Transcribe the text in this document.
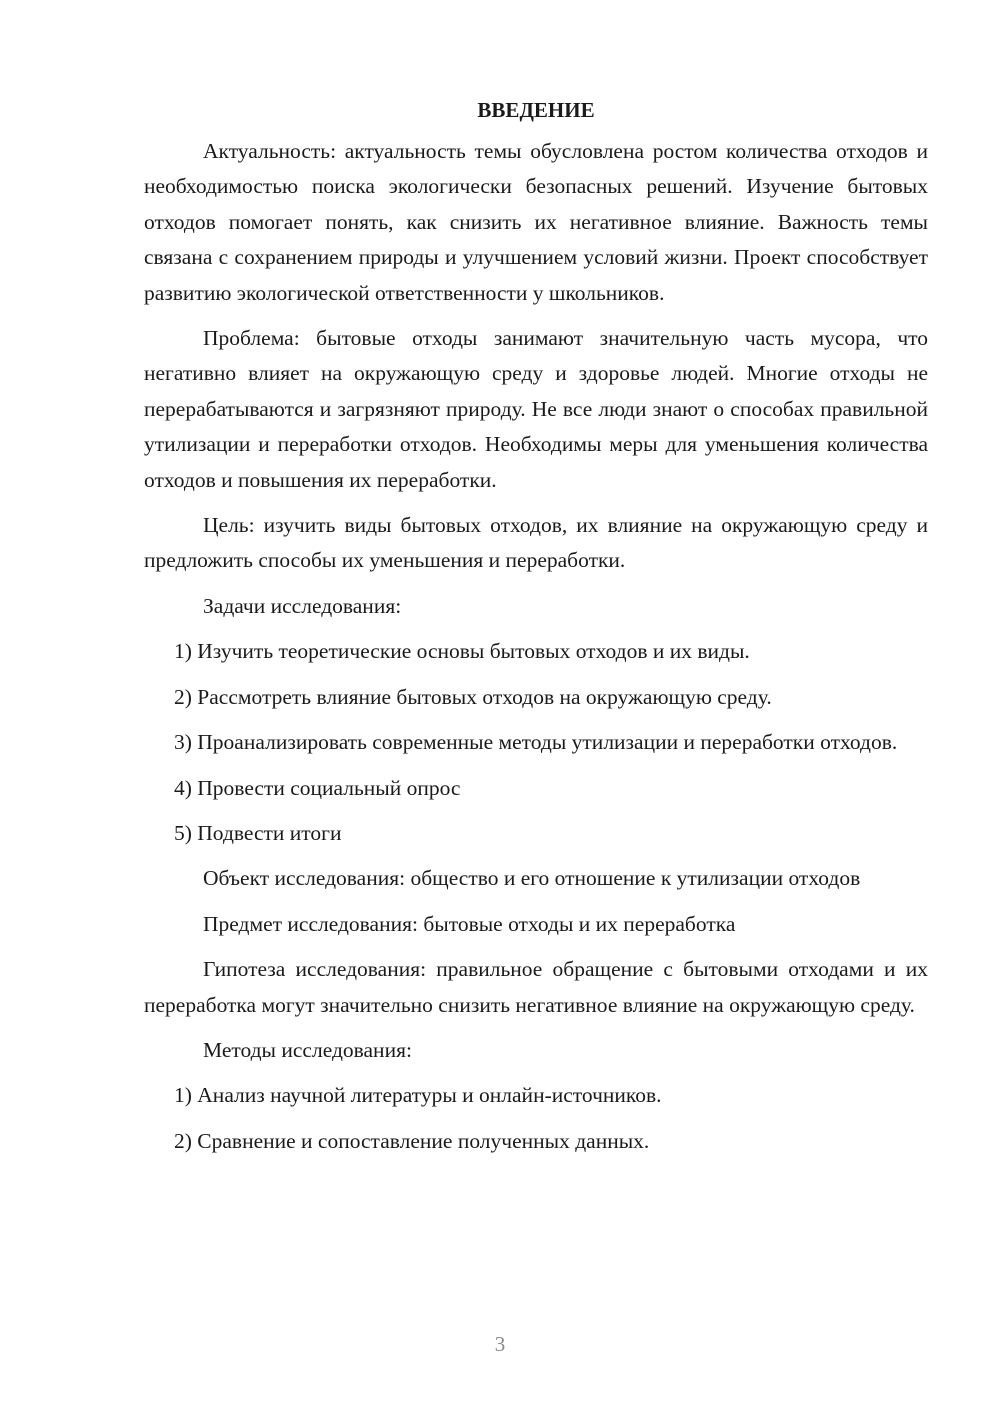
ВВЕДЕНИЕ

Актуальность: актуальность темы обусловлена ростом количества отходов и необходимостью поиска экологически безопасных решений. Изучение бытовых отходов помогает понять, как снизить их негативное влияние. Важность темы связана с сохранением природы и улучшением условий жизни. Проект способствует развитию экологической ответственности у школьников.

Проблема: бытовые отходы занимают значительную часть мусора, что негативно влияет на окружающую среду и здоровье людей. Многие отходы не перерабатываются и загрязняют природу. Не все люди знают о способах правильной утилизации и переработки отходов. Необходимы меры для уменьшения количества отходов и повышения их переработки.

Цель: изучить виды бытовых отходов, их влияние на окружающую среду и предложить способы их уменьшения и переработки.

Задачи исследования:

1) Изучить теоретические основы бытовых отходов и их виды.

2) Рассмотреть влияние бытовых отходов на окружающую среду.

3) Проанализировать современные методы утилизации и переработки отходов.

4) Провести социальный опрос

5) Подвести итоги

Объект исследования: общество и его отношение к утилизации отходов

Предмет исследования: бытовые отходы и их переработка

Гипотеза исследования: правильное обращение с бытовыми отходами и их переработка могут значительно снизить негативное влияние на окружающую среду.

Методы исследования:

1) Анализ научной литературы и онлайн-источников.

2) Сравнение и сопоставление полученных данных.

3
